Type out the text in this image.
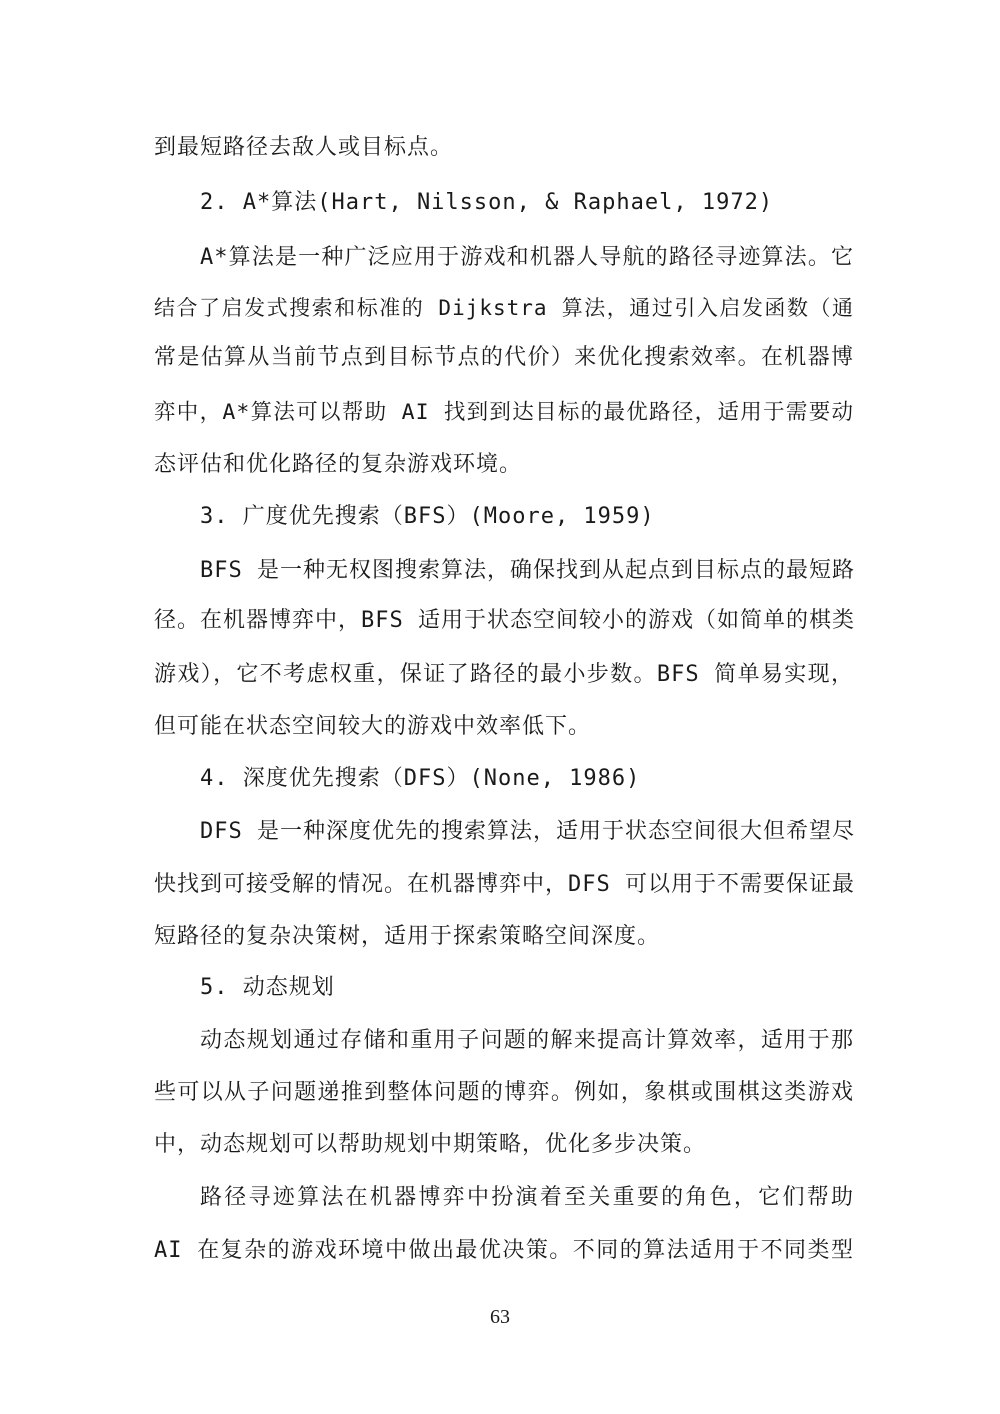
到最短路径去敌人或目标点。
2. A*算法(Hart, Nilsson, & Raphael, 1972)
A*算法是一种广泛应用于游戏和机器人导航的路径寻迹算法。它
结合了启发式搜索和标准的 Dijkstra 算法，通过引入启发函数（通
常是估算从当前节点到目标节点的代价）来优化搜索效率。在机器博
弈中，A*算法可以帮助 AI 找到到达目标的最优路径，适用于需要动
态评估和优化路径的复杂游戏环境。
3. 广度优先搜索（BFS）(Moore, 1959)
BFS 是一种无权图搜索算法，确保找到从起点到目标点的最短路
径。在机器博弈中，BFS 适用于状态空间较小的游戏（如简单的棋类
游戏），它不考虑权重，保证了路径的最小步数。BFS 简单易实现，
但可能在状态空间较大的游戏中效率低下。
4. 深度优先搜索（DFS）(None, 1986)
DFS 是一种深度优先的搜索算法，适用于状态空间很大但希望尽
快找到可接受解的情况。在机器博弈中，DFS 可以用于不需要保证最
短路径的复杂决策树，适用于探索策略空间深度。
5. 动态规划
动态规划通过存储和重用子问题的解来提高计算效率，适用于那
些可以从子问题递推到整体问题的博弈。例如，象棋或围棋这类游戏
中，动态规划可以帮助规划中期策略，优化多步决策。
路径寻迹算法在机器博弈中扮演着至关重要的角色，它们帮助
AI 在复杂的游戏环境中做出最优决策。不同的算法适用于不同类型
63
